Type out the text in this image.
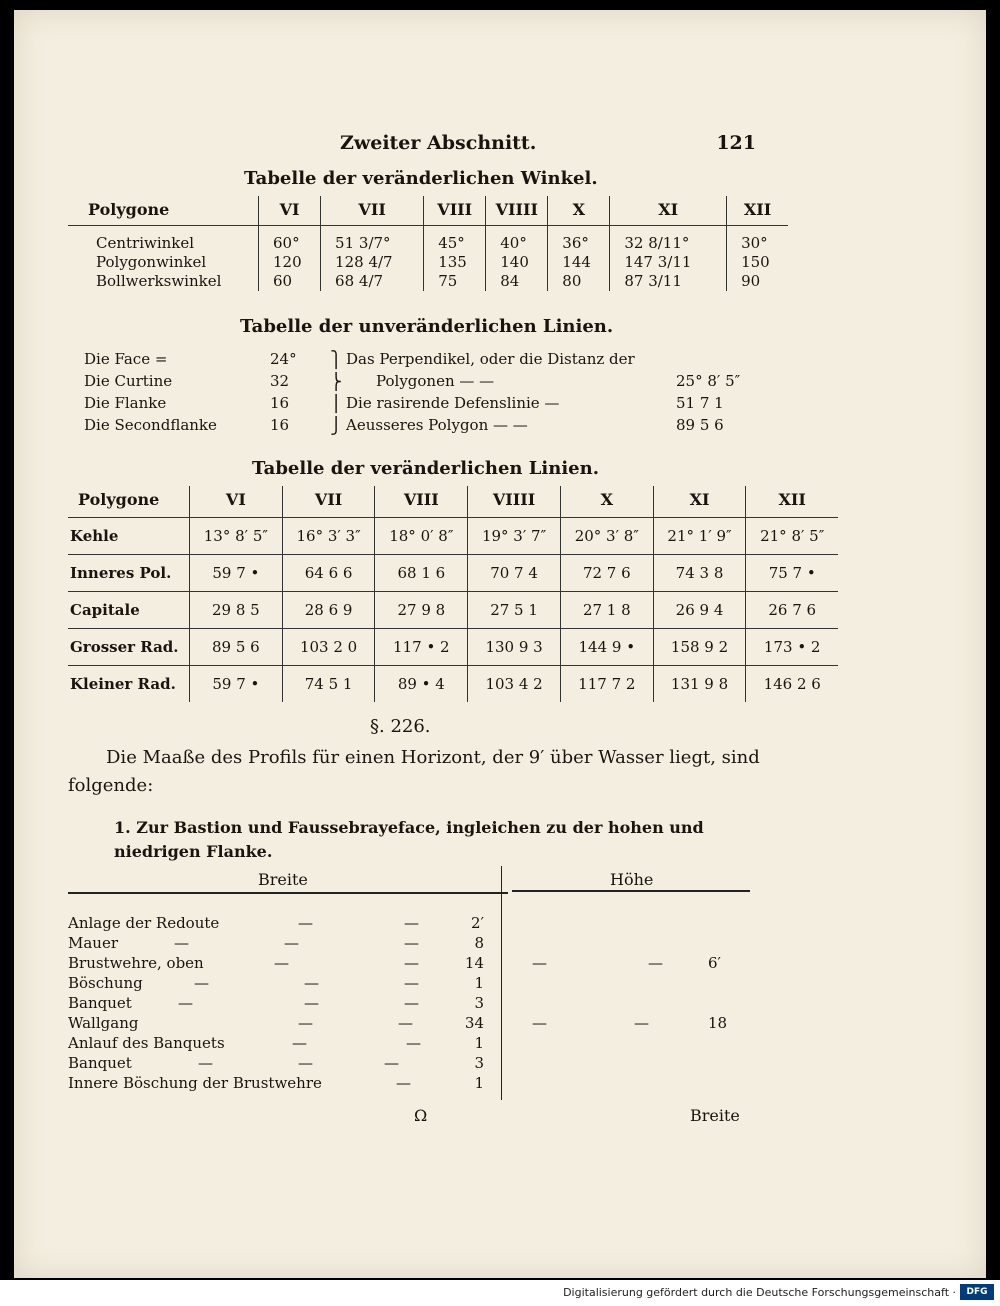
Zweiter Abschnitt.	121
Tabelle der veränderlichen Winkel.
Polygone	VI	VII	VIII	VIIII	X	XI	XII
Centriwinkel	60°	51 3/7°	45°	40°	36°	32 8/11°	30°
Polygonwinkel	120	128 4/7	135	140	144	147 3/11	150
Bollwerkswinkel	60	68 4/7	75	84	80	87 3/11	90
Tabelle der unveränderlichen Linien.
Die Face =	24° ⎫ Das Perpendikel, oder die Distanz der
Die Curtine	32	⎬ Polygonen — —	25° 8′ 5″
Die Flanke	16	⎪ Die rasirende Defenslinie —	51 7 1
Die Secondflanke	16	⎭ Aeusseres Polygon — —	89 5 6
Tabelle der veränderlichen Linien.
Polygone	VI	VII	VIII	VIIII	X	XI	XII
Kehle	13° 8′ 5″	16° 3′ 3″	18° 0′ 8″	19° 3′ 7″	20° 3′ 8″	21° 1′ 9″	21° 8′ 5″
Inneres Pol.	59 7 •	64 6 6	68 1 6	70 7 4	72 7 6	74 3 8	75 7 •
Capitale	29 8 5	28 6 9	27 9 8	27 5 1	27 1 8	26 9 4	26 7 6
Grosser Rad.	89 5 6	103 2 0	117 • 2	130 9 3	144 9 •	158 9 2	173 • 2
Kleiner Rad.	59 7 •	74 5 1	89 • 4	103 4 2	117 7 2	131 9 8	146 2 6
§. 226.
Die Maaße des Profils für einen Horizont, der 9′ über Wasser liegt, sind folgende:
1. Zur Bastion und Faussebrayeface, ingleichen zu der hohen und niedrigen Flanke.
Breite	Höhe
Anlage der Redoute	—	—	2′
Mauer	—	—	—	8
Brustwehre, oben	—	—	14	—	—	6′
Böschung	—	—	—	1
Banquet	—	—	—	3
Wallgang	—	—	34	—	—	18
Anlauf des Banquets	—	—	1
Banquet	—	—	—	3
Innere Böschung der Brustwehre	—	1
Ω	Breite
Digitalisierung gefördert durch die Deutsche Forschungsgemeinschaft ·	DFG
